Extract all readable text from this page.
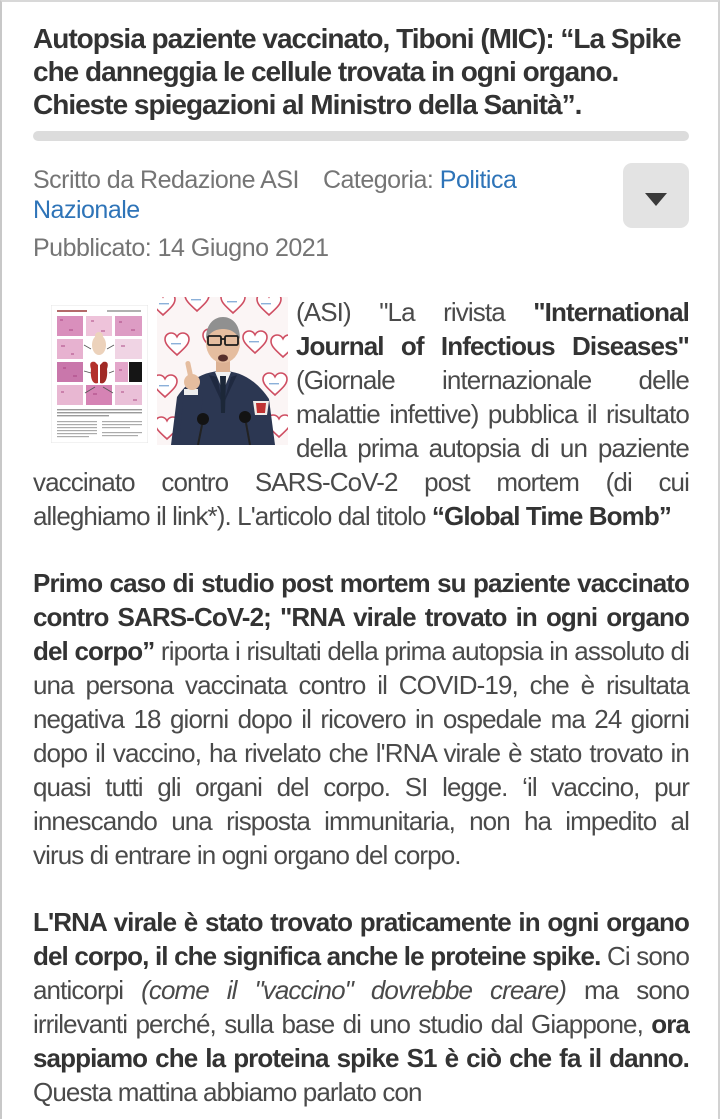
Autopsia paziente vaccinato, Tiboni (MIC): “La Spike che danneggia le cellule trovata in ogni organo. Chieste spiegazioni al Ministro della Sanità”.
Scritto da Redazione ASI Categoria: Politica Nazionale
Pubblicato: 14 Giugno 2021

(ASI) "La rivista "International Journal of Infectious Diseases" (Giornale internazionale delle malattie infettive) pubblica il risultato della prima autopsia di un paziente vaccinato contro SARS-CoV-2 post mortem (di cui alleghiamo il link*). L'articolo dal titolo “Global Time Bomb”

Primo caso di studio post mortem su paziente vaccinato contro SARS-CoV-2; "RNA virale trovato in ogni organo del corpo” riporta i risultati della prima autopsia in assoluto di una persona vaccinata contro il COVID-19, che è risultata negativa 18 giorni dopo il ricovero in ospedale ma 24 giorni dopo il vaccino, ha rivelato che l'RNA virale è stato trovato in quasi tutti gli organi del corpo. SI legge. ‘il vaccino, pur innescando una risposta immunitaria, non ha impedito al virus di entrare in ogni organo del corpo.

L'RNA virale è stato trovato praticamente in ogni organo del corpo, il che significa anche le proteine spike. Ci sono anticorpi (come il "vaccino" dovrebbe creare) ma sono irrilevanti perché, sulla base di uno studio dal Giappone, ora sappiamo che la proteina spike S1 è ciò che fa il danno. Questa mattina abbiamo parlato con
